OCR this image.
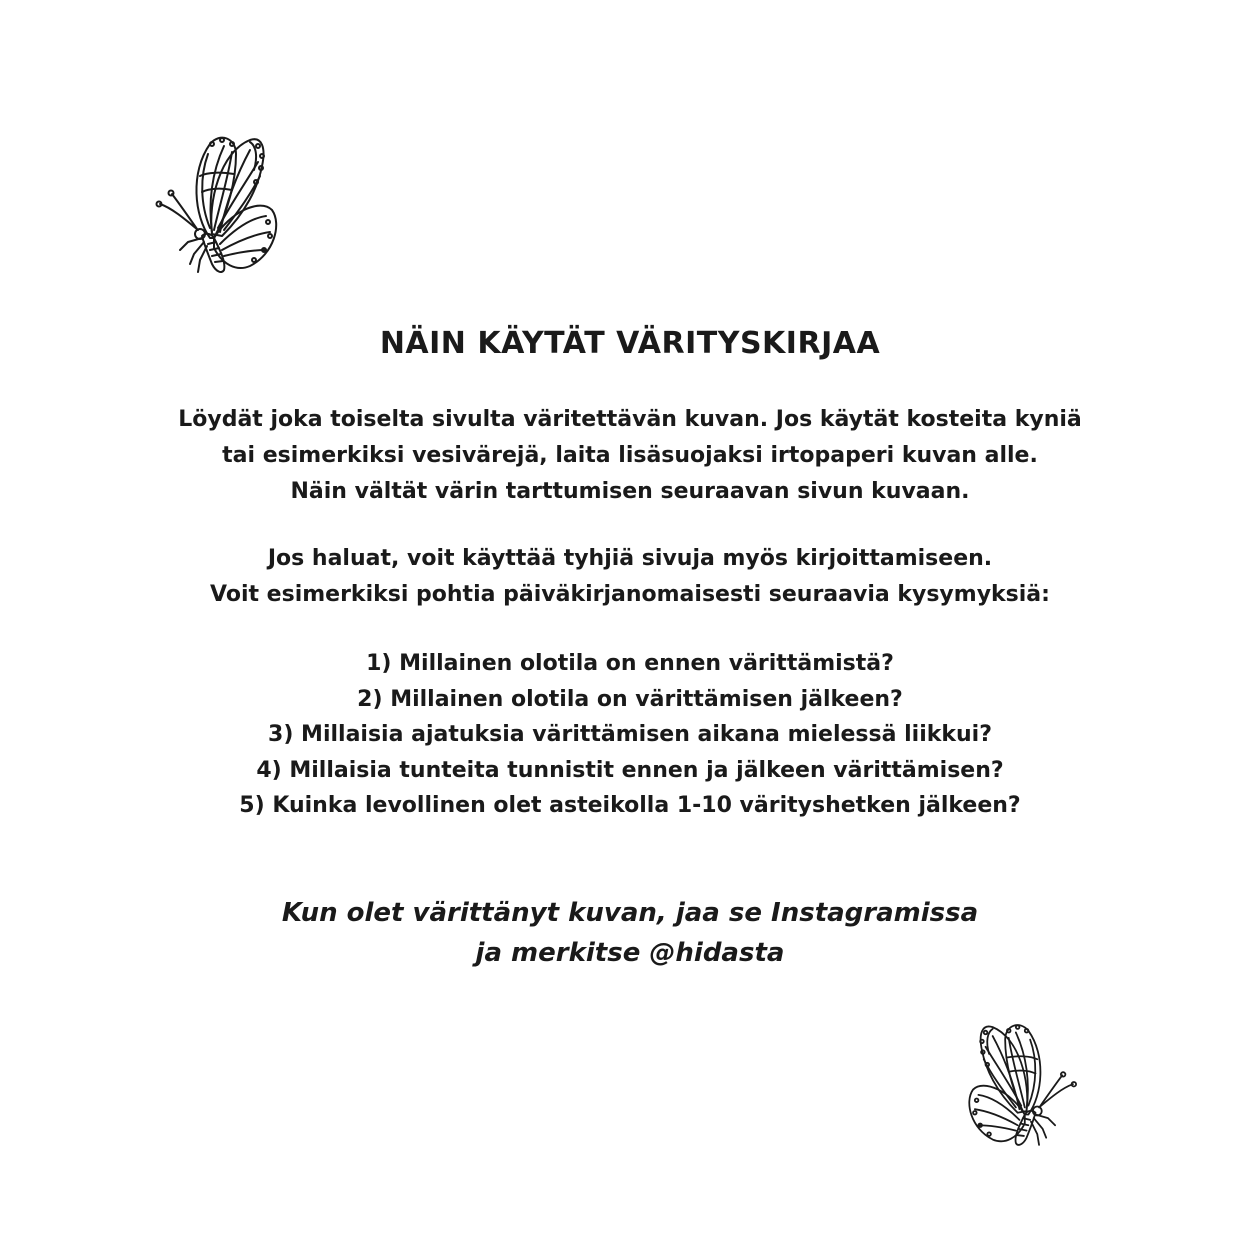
NÄIN KÄYTÄT VÄRITYSKIRJAA

Löydät joka toiselta sivulta väritettävän kuvan. Jos käytät kosteita kyniä
tai esimerkiksi vesivärejä, laita lisäsuojaksi irtopaperi kuvan alle.
Näin vältät värin tarttumisen seuraavan sivun kuvaan.

Jos haluat, voit käyttää tyhjiä sivuja myös kirjoittamiseen.
Voit esimerkiksi pohtia päiväkirjanomaisesti seuraavia kysymyksiä:

1) Millainen olotila on ennen värittämistä?
2) Millainen olotila on värittämisen jälkeen?
3) Millaisia ajatuksia värittämisen aikana mielessä liikkui?
4) Millaisia tunteita tunnistit ennen ja jälkeen värittämisen?
5) Kuinka levollinen olet asteikolla 1-10 värityshetken jälkeen?

Kun olet värittänyt kuvan, jaa se Instagramissa
ja merkitse @hidasta
